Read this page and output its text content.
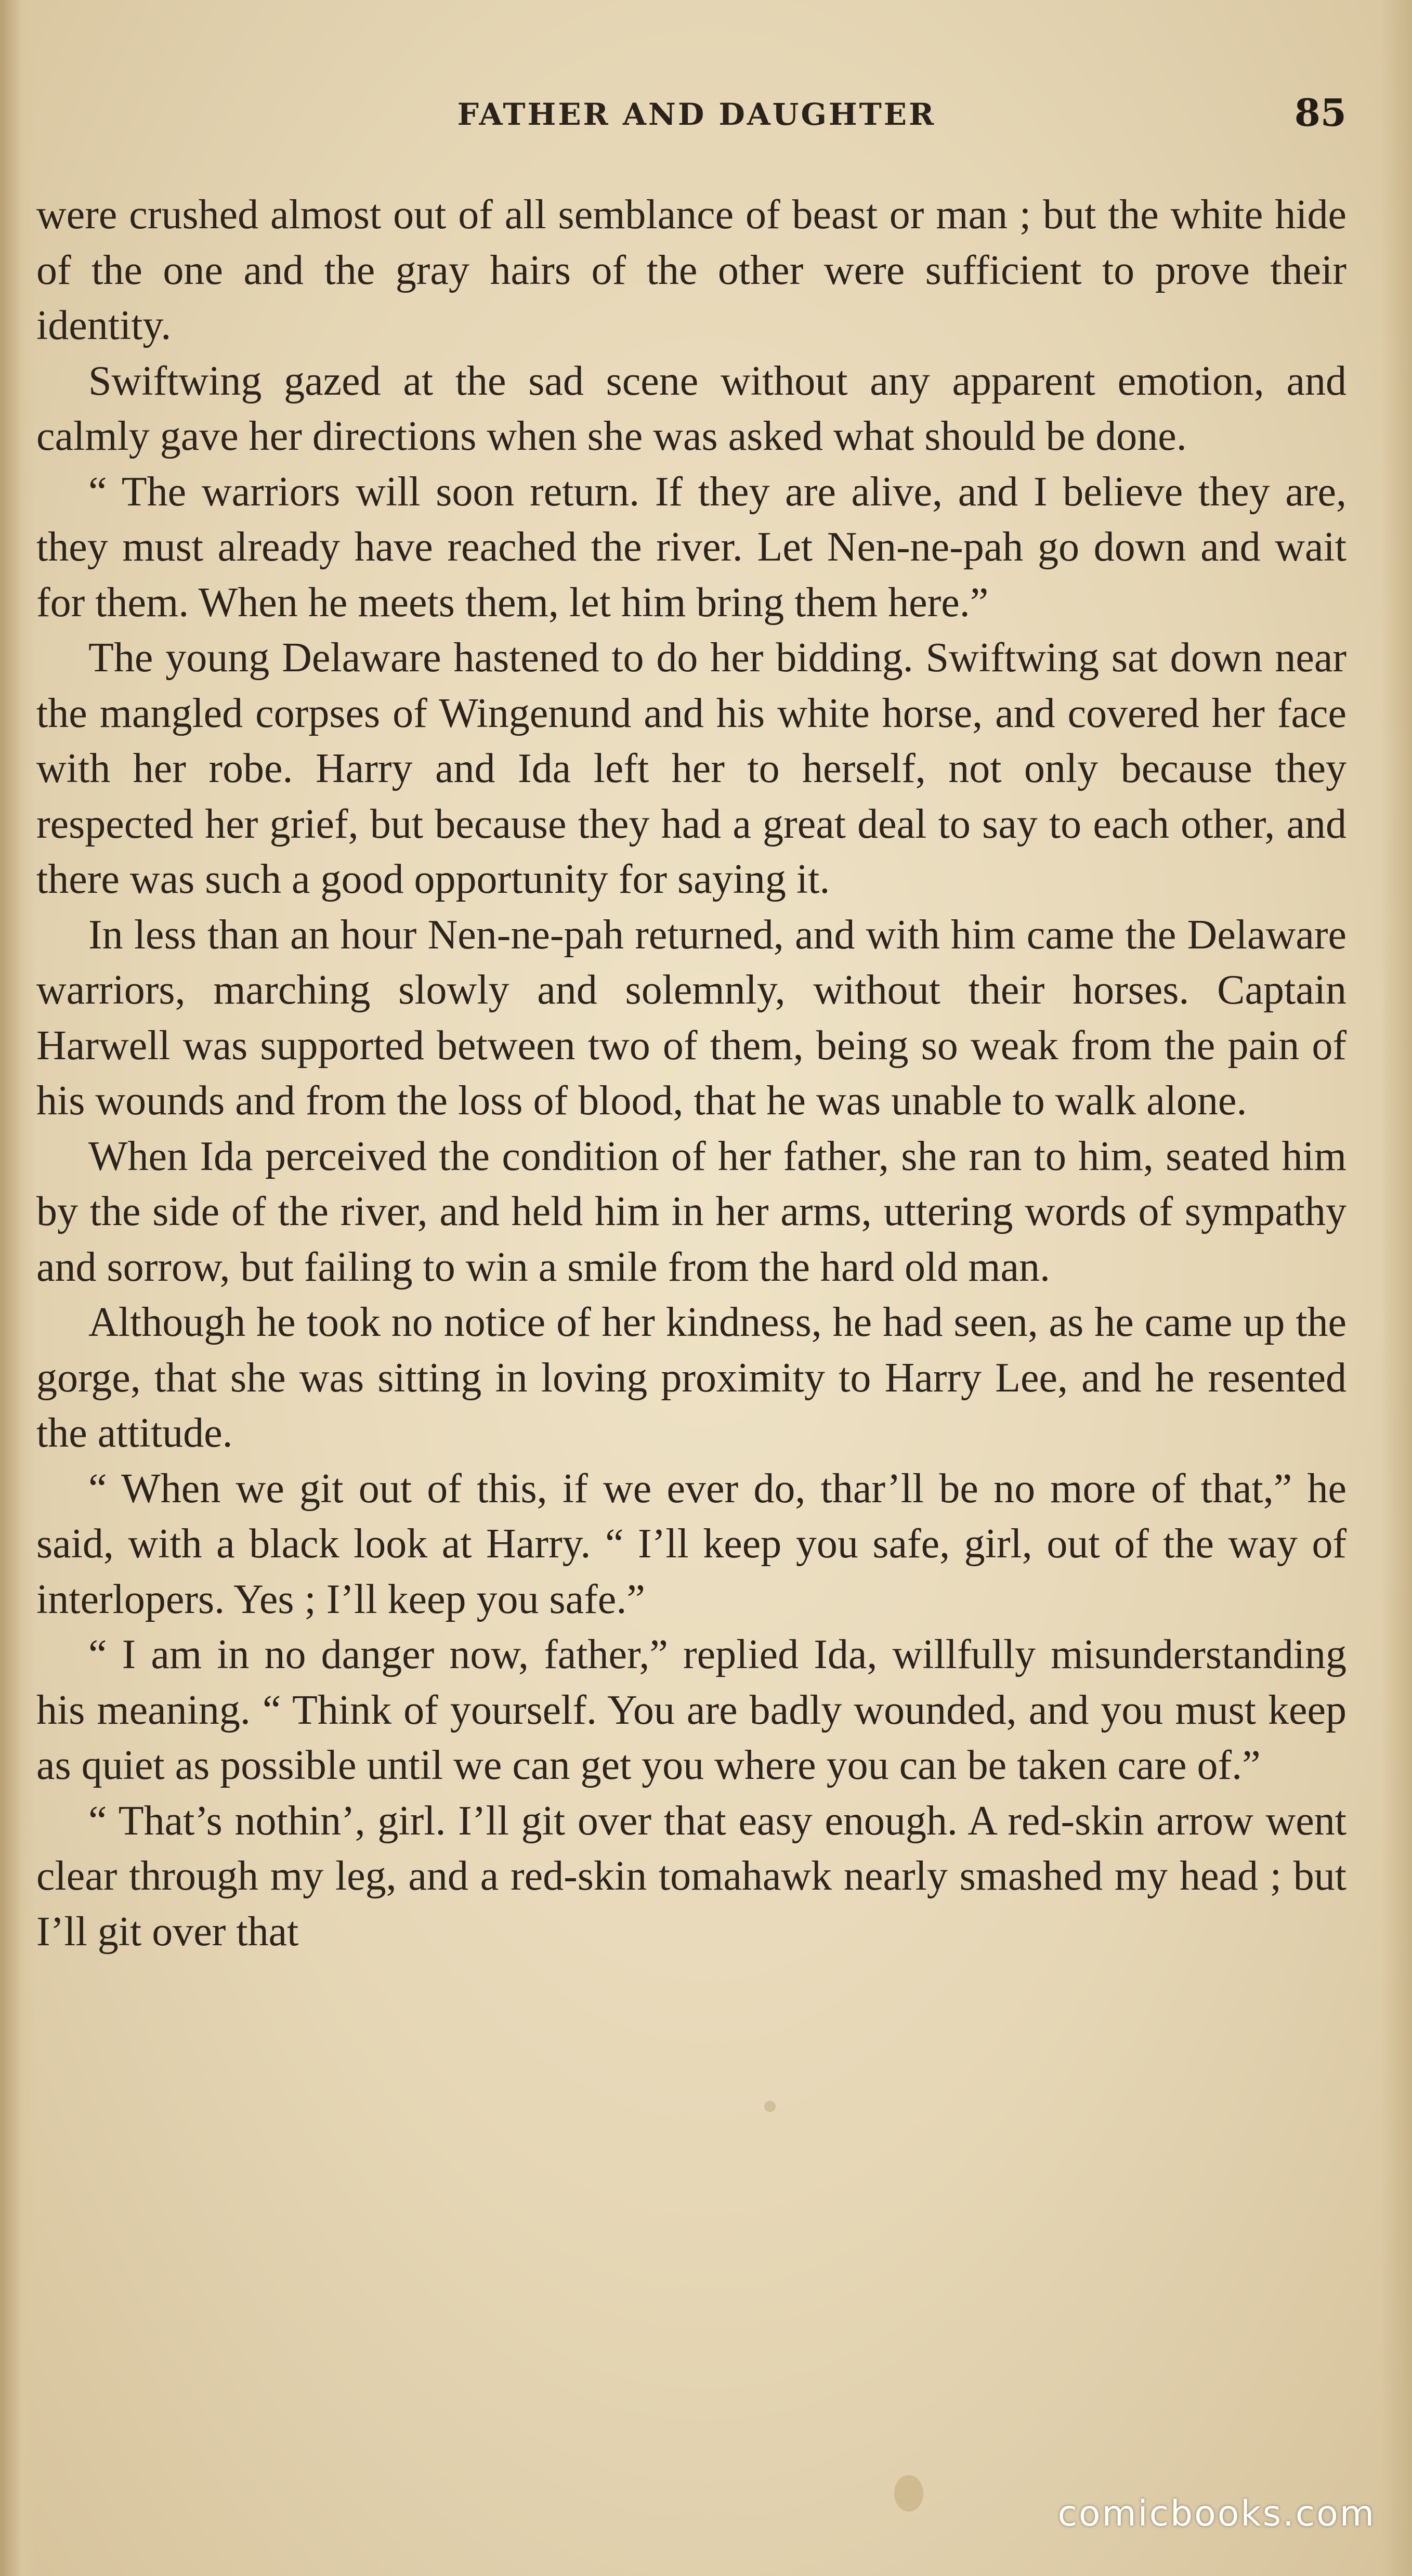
FATHER AND DAUGHTER	85

were crushed almost out of all semblance of beast or man ; but the white hide of the one and the gray hairs of the other were sufficient to prove their identity.

Swiftwing gazed at the sad scene without any apparent emotion, and calmly gave her directions when she was asked what should be done.

“ The warriors will soon return. If they are alive, and I believe they are, they must already have reached the river. Let Nen-ne-pah go down and wait for them. When he meets them, let him bring them here.”

The young Delaware hastened to do her bidding. Swiftwing sat down near the mangled corpses of Wingenund and his white horse, and covered her face with her robe. Harry and Ida left her to herself, not only because they respected her grief, but because they had a great deal to say to each other, and there was such a good opportunity for saying it.

In less than an hour Nen-ne-pah returned, and with him came the Delaware warriors, marching slowly and solemnly, without their horses. Captain Harwell was supported between two of them, being so weak from the pain of his wounds and from the loss of blood, that he was unable to walk alone.

When Ida perceived the condition of her father, she ran to him, seated him by the side of the river, and held him in her arms, uttering words of sympathy and sorrow, but failing to win a smile from the hard old man.

Although he took no notice of her kindness, he had seen, as he came up the gorge, that she was sitting in loving proximity to Harry Lee, and he resented the attitude.

“ When we git out of this, if we ever do, thar’ll be no more of that,” he said, with a black look at Harry. “ I’ll keep you safe, girl, out of the way of interlopers. Yes ; I’ll keep you safe.”

“ I am in no danger now, father,” replied Ida, willfully misunderstanding his meaning. “ Think of yourself. You are badly wounded, and you must keep as quiet as possible until we can get you where you can be taken care of.”

“ That’s nothin’, girl. I’ll git over that easy enough. A red-skin arrow went clear through my leg, and a red-skin tomahawk nearly smashed my head ; but I’ll git over that

comicbooks.com
